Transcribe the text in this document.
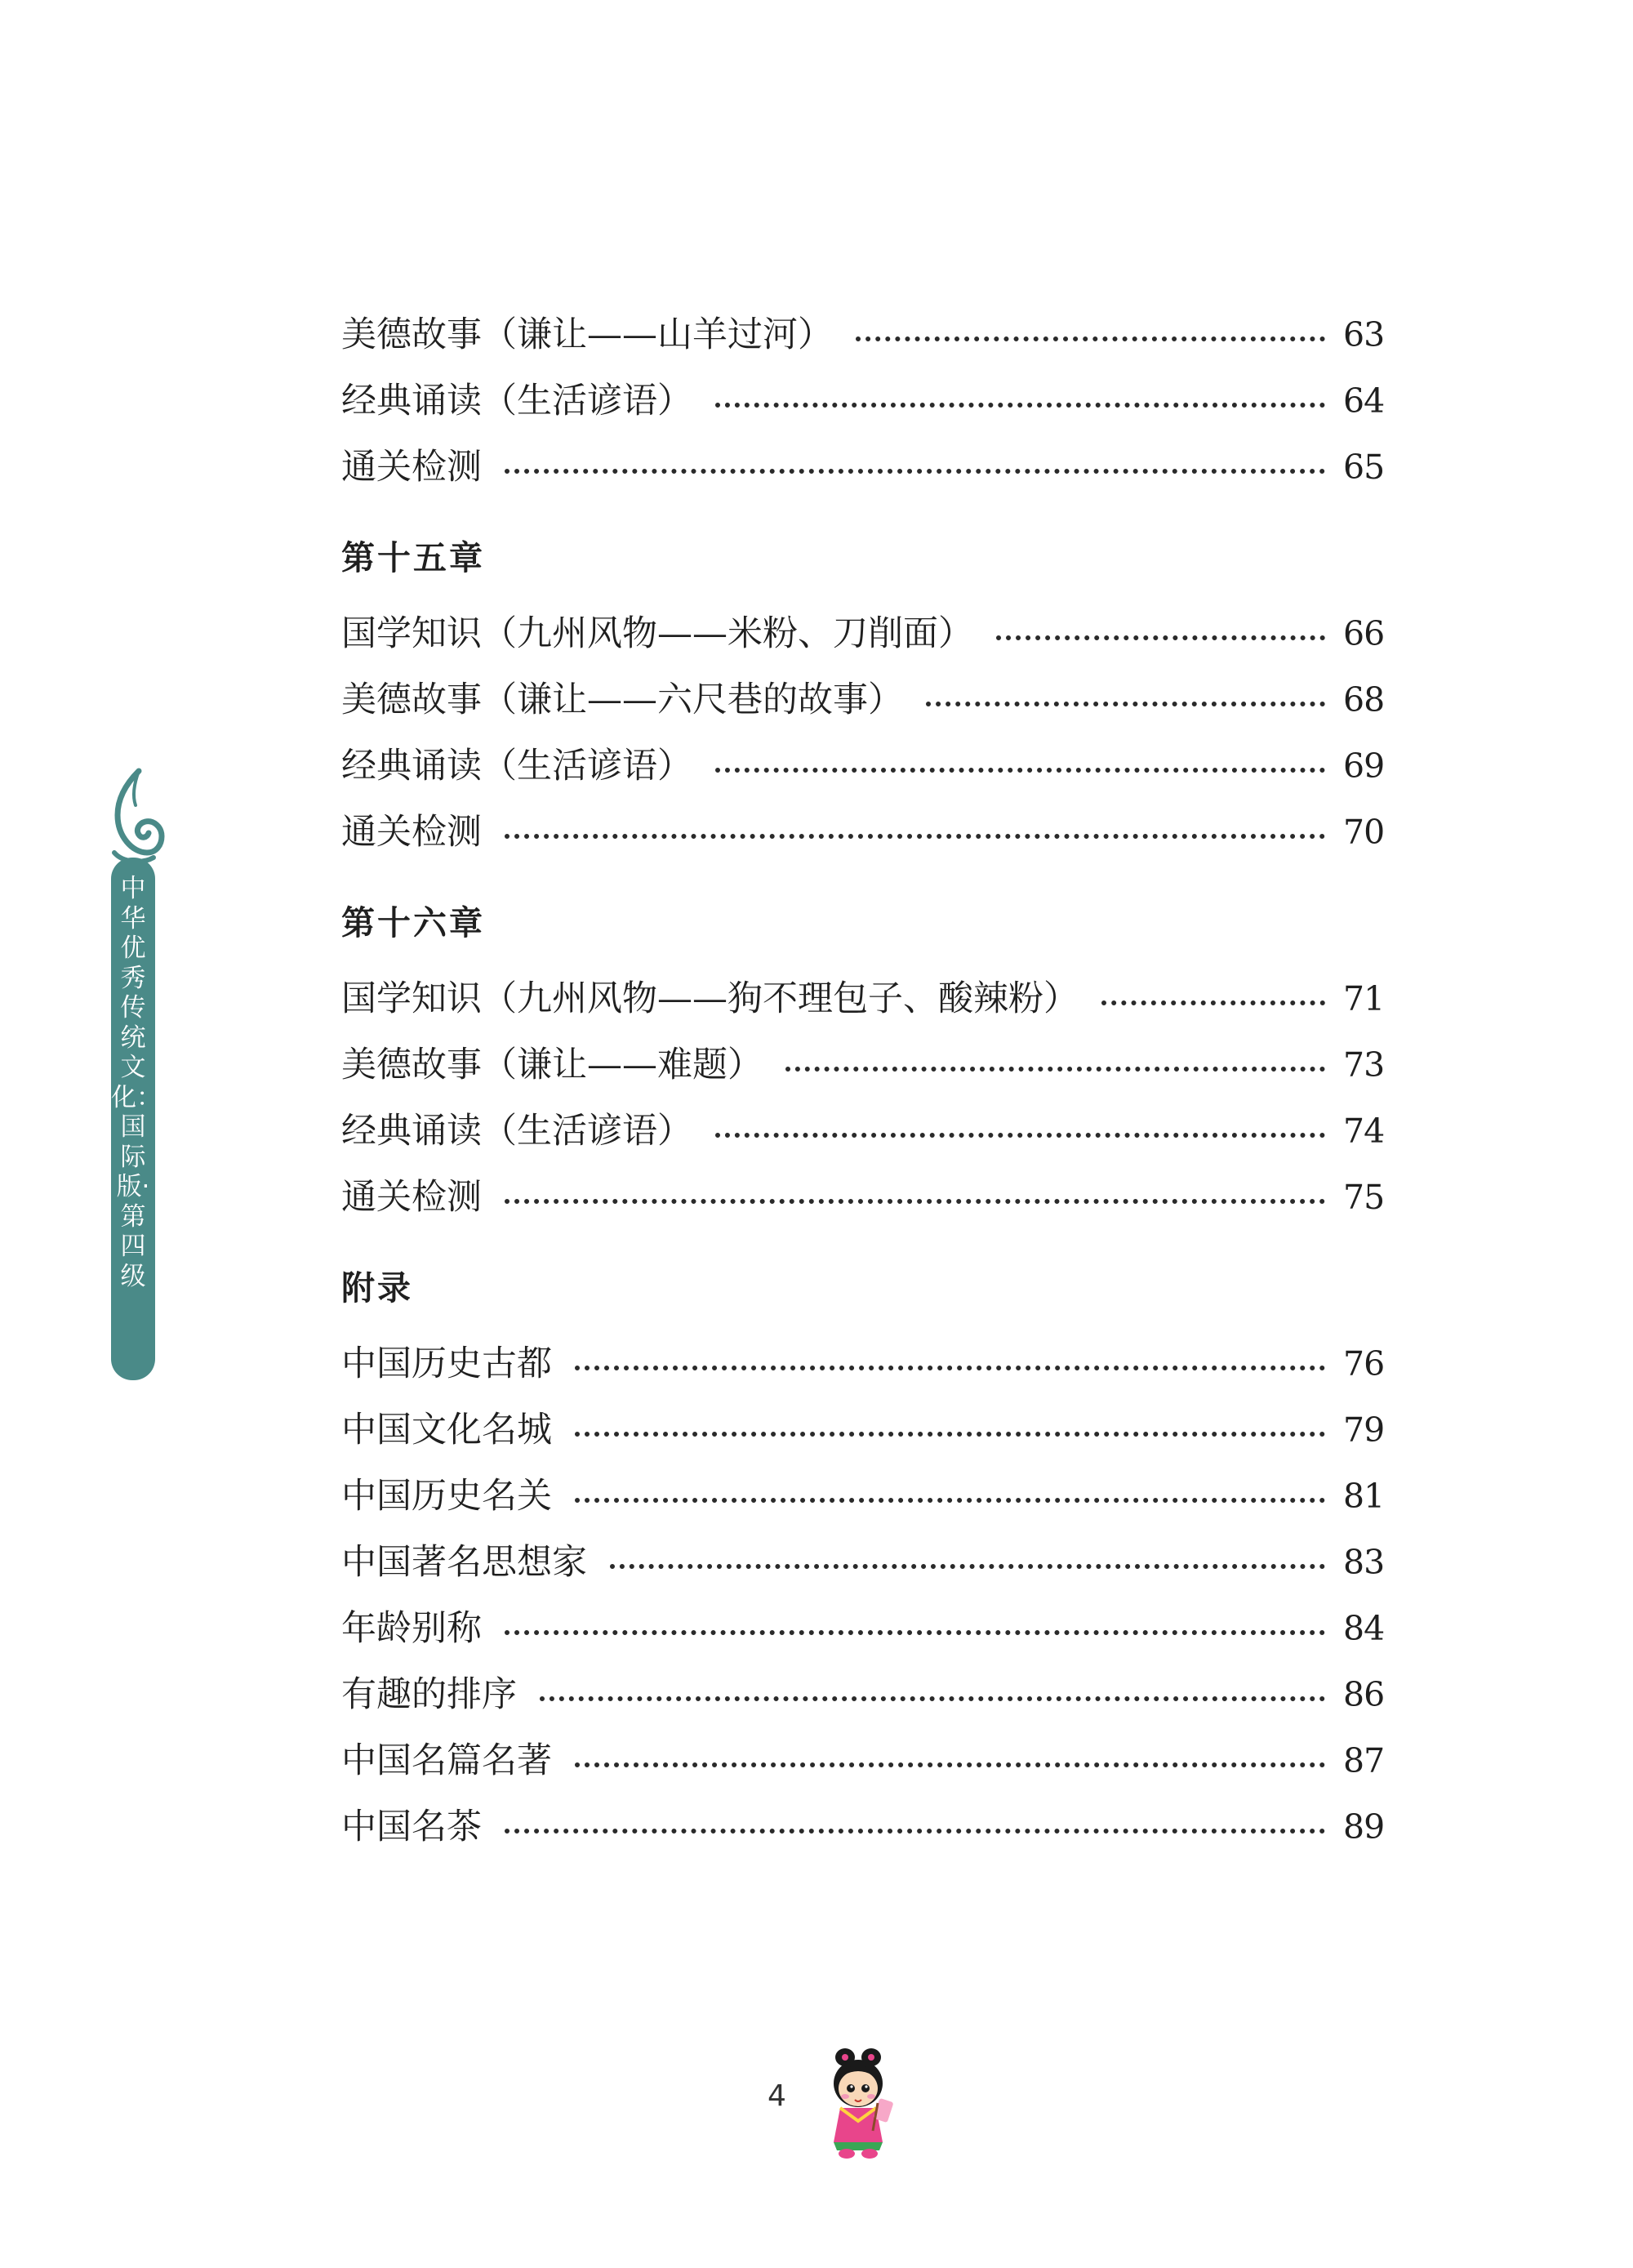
美德故事（谦让——山羊过河）	63
经典诵读（生活谚语）	64
通关检测	65
第十五章
国学知识（九州风物——米粉、刀削面）	66
美德故事（谦让——六尺巷的故事）	68
经典诵读（生活谚语）	69
通关检测	70
第十六章
国学知识（九州风物——狗不理包子、酸辣粉）	71
美德故事（谦让——难题）	73
经典诵读（生活谚语）	74
通关检测	75
附录
中国历史古都	76
中国文化名城	79
中国历史名关	81
中国著名思想家	83
年龄别称	84
有趣的排序	86
中国名篇名著	87
中国名茶	89
中华优秀传统文化：国际版·第四级
4
